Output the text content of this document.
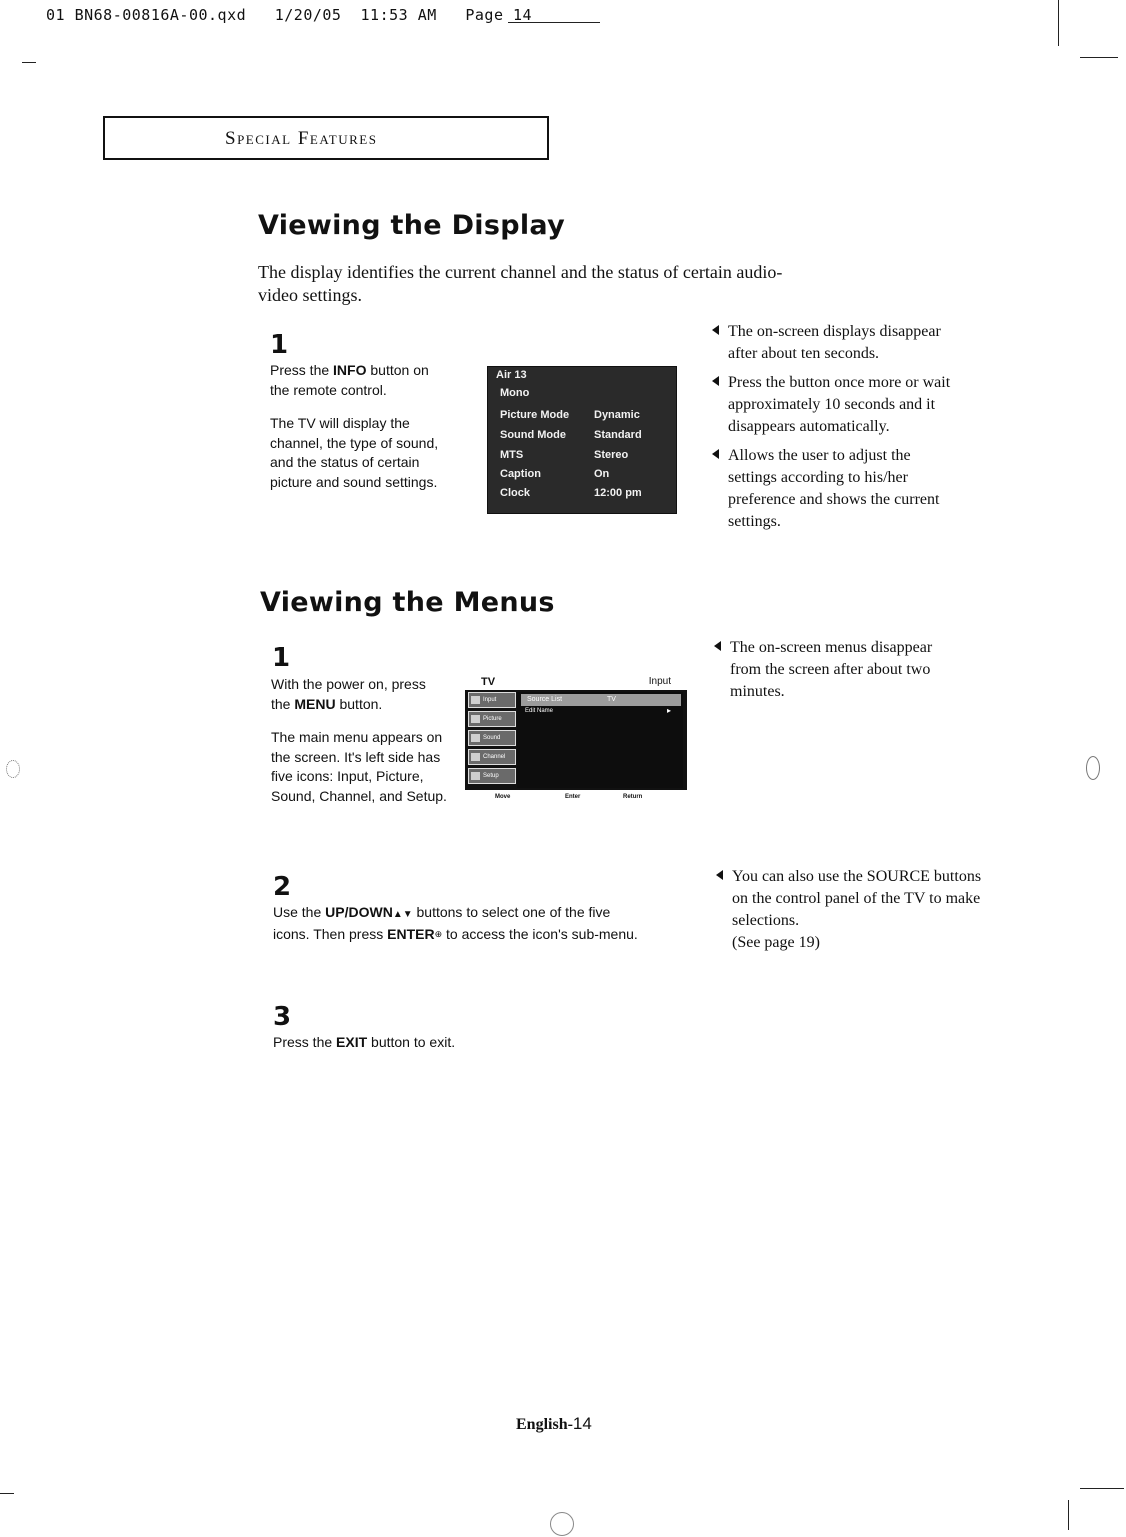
01 BN68-00816A-00.qxd 1/20/05 11:53 AM Page 14
Special Features
Viewing the Display
The display identifies the current channel and the status of certain audio-video settings.
1

Press the INFO button on the remote control.

The TV will display the channel, the type of sound, and the status of certain picture and sound settings.

Air 13
Mono
Picture Mode Dynamic
Sound Mode	Standard
MTS	Stereo
Caption	On
Clock	12:00 pm
The on-screen displays disappear after about ten seconds.
Press the button once more or wait approximately 10 seconds and it disappears automatically.
Allows the user to adjust the settings according to his/her preference and shows the current settings.
Viewing the Menus
1

With the power on, press the MENU button.

The main menu appears on the screen. It's left side has five icons: Input, Picture, Sound, Channel, and Setup.

TV	Input
Input
Picture
Sound
Channel
Setup
Source List	TV
Edit Name	▸
Move	Enter	Return
2
Use the UP/DOWN▲▼ buttons to select one of the five icons. Then press ENTER⊕ to access the icon's sub-menu.
3
Press the EXIT button to exit.
The on-screen menus disappear from the screen after about two minutes.
You can also use the SOURCE buttons on the control panel of the TV to make selections.
(See page 19)
English-14
